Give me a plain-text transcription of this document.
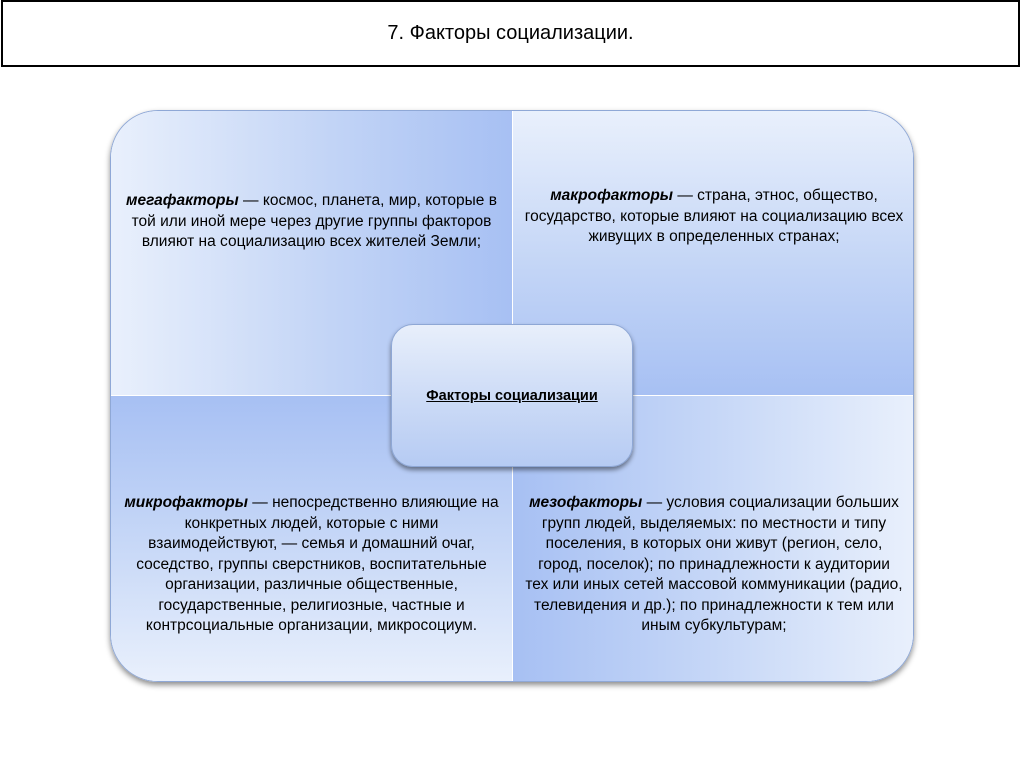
7. Факторы социализации.

мегафакторы — космос, планета, мир, которые в той или иной мере через другие группы факторов влияют на социализацию всех жителей Земли;

макрофакторы — страна, этнос, общество, государство, которые влияют на социализацию всех живущих в определенных странах;

микрофакторы — непосредственно влияющие на конкретных людей, которые с ними взаимодействуют, — семья и домашний очаг, соседство, группы сверстников, воспитательные организации, различные общественные, государственные, религиозные, частные и контрсоциальные организации, микросоциум.

мезофакторы — условия социализации больших групп людей, выделяемых: по местности и типу поселения, в которых они живут (регион, село, город, поселок); по принадлежности к аудитории тех или иных сетей массовой коммуникации (радио, телевидения и др.); по принадлежности к тем или иным субкультурам;

Факторы социализации
